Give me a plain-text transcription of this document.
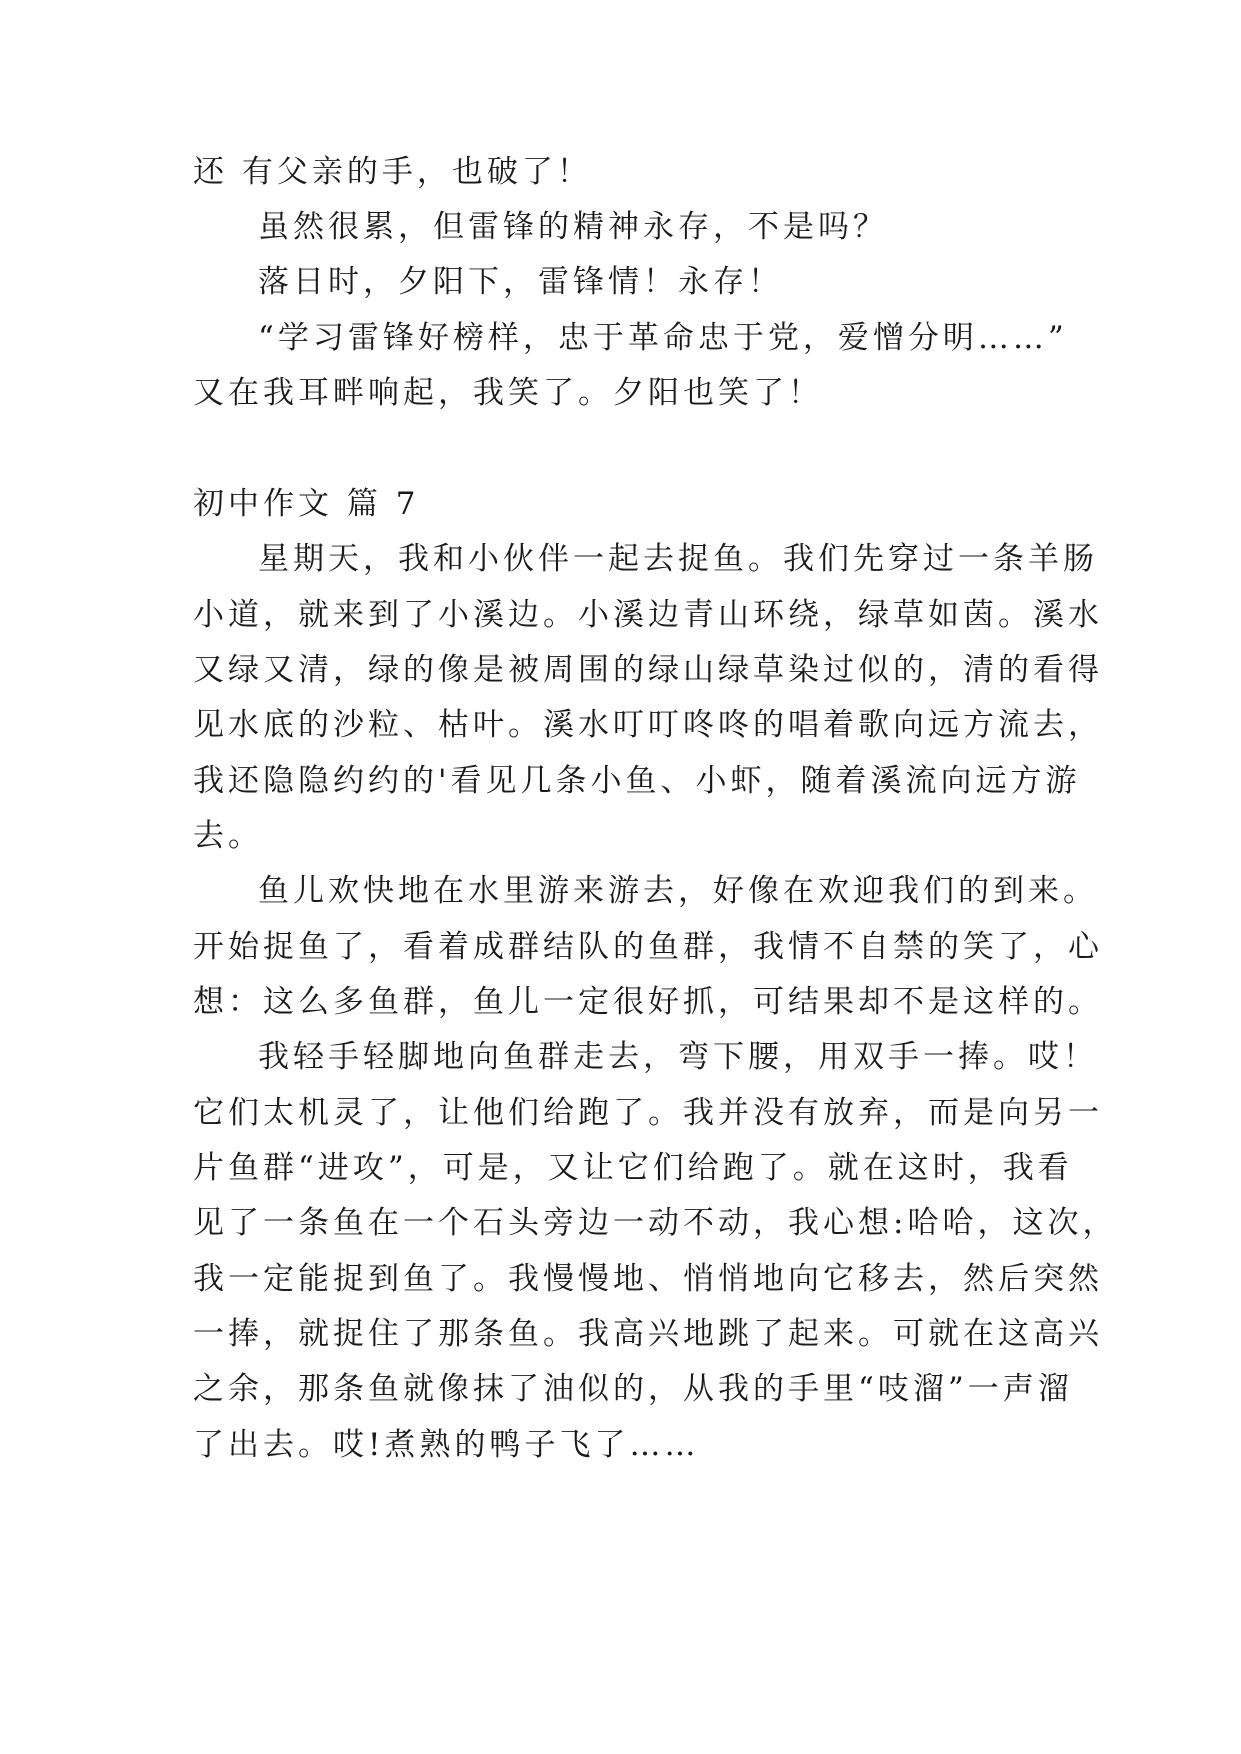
还 有父亲的手，也破了！
虽然很累，但雷锋的精神永存，不是吗？
落日时，夕阳下，雷锋情！永存！
“学习雷锋好榜样，忠于革命忠于党，爱憎分明……”
又在我耳畔响起，我笑了。夕阳也笑了！
初中作文 篇 7
星期天，我和小伙伴一起去捉鱼。我们先穿过一条羊肠
小道，就来到了小溪边。小溪边青山环绕，绿草如茵。溪水
又绿又清，绿的像是被周围的绿山绿草染过似的，清的看得
见水底的沙粒、枯叶。溪水叮叮咚咚的唱着歌向远方流去，
我还隐隐约约的'看见几条小鱼、小虾，随着溪流向远方游
去。
鱼儿欢快地在水里游来游去，好像在欢迎我们的到来。
开始捉鱼了，看着成群结队的鱼群，我情不自禁的笑了，心
想：这么多鱼群，鱼儿一定很好抓，可结果却不是这样的。
我轻手轻脚地向鱼群走去，弯下腰，用双手一捧。哎！
它们太机灵了，让他们给跑了。我并没有放弃，而是向另一
片鱼群“进攻”，可是，又让它们给跑了。就在这时，我看
见了一条鱼在一个石头旁边一动不动，我心想:哈哈，这次，
我一定能捉到鱼了。我慢慢地、悄悄地向它移去，然后突然
一捧，就捉住了那条鱼。我高兴地跳了起来。可就在这高兴
之余，那条鱼就像抹了油似的，从我的手里“吱溜”一声溜
了出去。哎!煮熟的鸭子飞了……
